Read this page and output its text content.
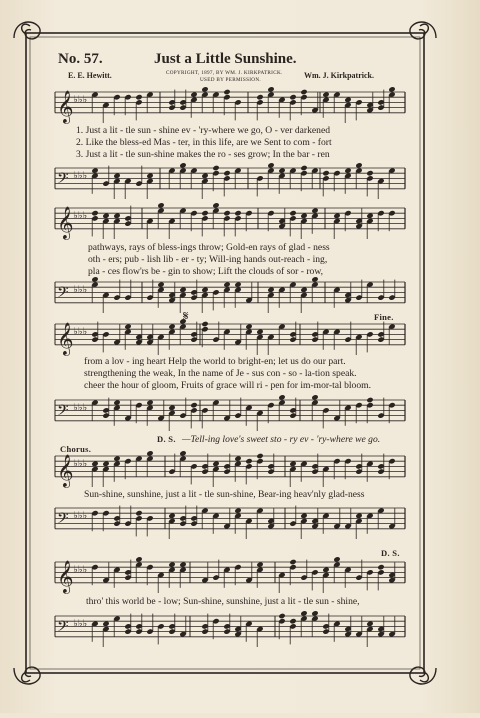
No. 57.	Just a Little Sunshine.
E. E. Hewitt.	COPYRIGHT, 1897, BY WM. J. KIRKPATRICK.
USED BY PERMISSION.	Wm. J. Kirkpatrick.
𝄞 ♭♭♭
𝄢 ♭♭♭
𝄞 ♭♭♭
𝄢 ♭♭♭
𝄞 ♭♭♭
𝄢 ♭♭♭
𝄞 ♭♭♭
𝄢 ♭♭♭
𝄞 ♭♭♭
𝄢 ♭♭♭
1. Just a lit - tle sun - shine ev - 'ry-where we go, O - ver darkened
2. Like the bless-ed Mas - ter, in this life, are we Sent to com - fort
3. Just a lit - tle sun-shine makes the ro - ses grow; In the bar - ren
pathways, rays of bless-ings throw; Gold-en rays of glad - ness
oth - ers; pub - lish lib - er - ty; Will-ing hands out-reach - ing,
pla - ces flow'rs be - gin to show; Lift the clouds of sor - row,
𝄋	Fine.
from a lov - ing heart Help the world to bright-en; let us do our part.
strengthening the weak, In the name of Je - sus con - so - la-tion speak.
cheer the hour of gloom, Fruits of grace will ri - pen for im-mor-tal bloom.
D. S. —Tell-ing love's sweet sto - ry ev - 'ry-where we go.
Chorus.
Sun-shine, sunshine, just a lit - tle sun-shine, Bear-ing heav'nly glad-ness
D. S.
thro' this world be - low; Sun-shine, sunshine, just a lit - tle sun - shine,
